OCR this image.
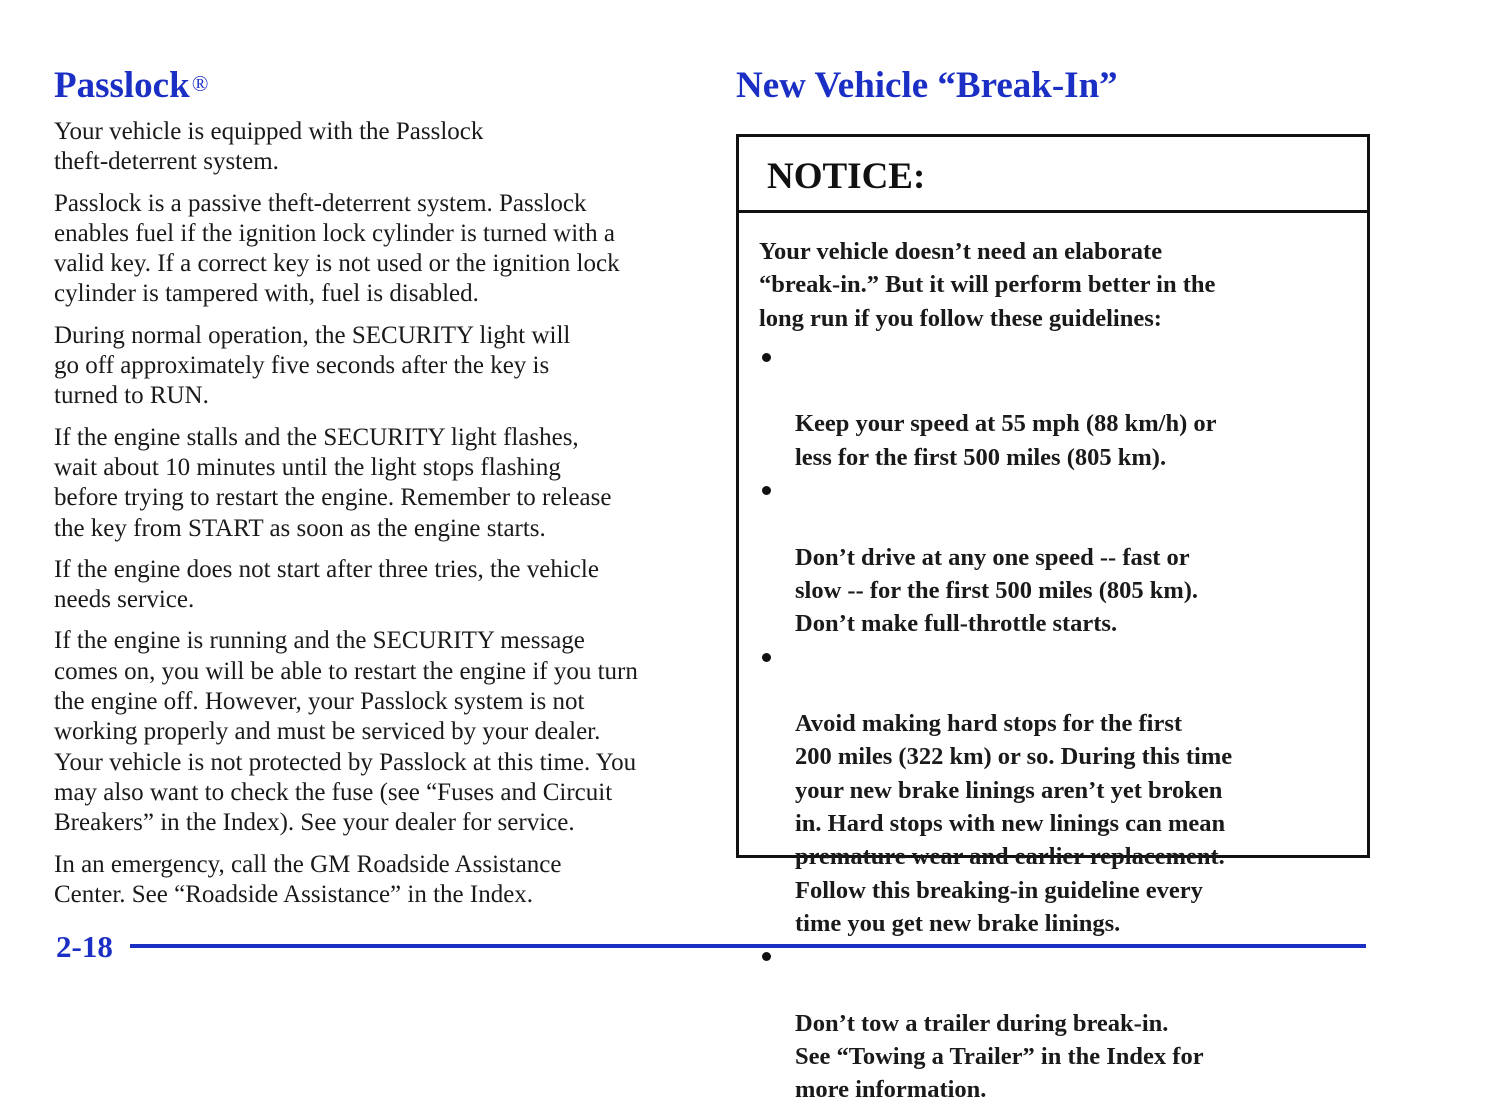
Passlock®

Your vehicle is equipped with the Passlock
theft-deterrent system.

Passlock is a passive theft-deterrent system. Passlock
enables fuel if the ignition lock cylinder is turned with a
valid key. If a correct key is not used or the ignition lock
cylinder is tampered with, fuel is disabled.

During normal operation, the SECURITY light will
go off approximately five seconds after the key is
turned to RUN.

If the engine stalls and the SECURITY light flashes,
wait about 10 minutes until the light stops flashing
before trying to restart the engine. Remember to release
the key from START as soon as the engine starts.

If the engine does not start after three tries, the vehicle
needs service.

If the engine is running and the SECURITY message
comes on, you will be able to restart the engine if you turn
the engine off. However, your Passlock system is not
working properly and must be serviced by your dealer.
Your vehicle is not protected by Passlock at this time. You
may also want to check the fuse (see “Fuses and Circuit
Breakers” in the Index). See your dealer for service.

In an emergency, call the GM Roadside Assistance
Center. See “Roadside Assistance” in the Index.

New Vehicle “Break-In”
NOTICE:

Your vehicle doesn’t need an elaborate
“break-in.” But it will perform better in the
long run if you follow these guidelines:

Keep your speed at 55 mph (88 km/h) or
less for the first 500 miles (805 km).

Don’t drive at any one speed -- fast or
slow -- for the first 500 miles (805 km).
Don’t make full-throttle starts.

Avoid making hard stops for the first
200 miles (322 km) or so. During this time
your new brake linings aren’t yet broken
in. Hard stops with new linings can mean
premature wear and earlier replacement.
Follow this breaking-in guideline every
time you get new brake linings.

Don’t tow a trailer during break-in.
See “Towing a Trailer” in the Index for
more information.

2-18
